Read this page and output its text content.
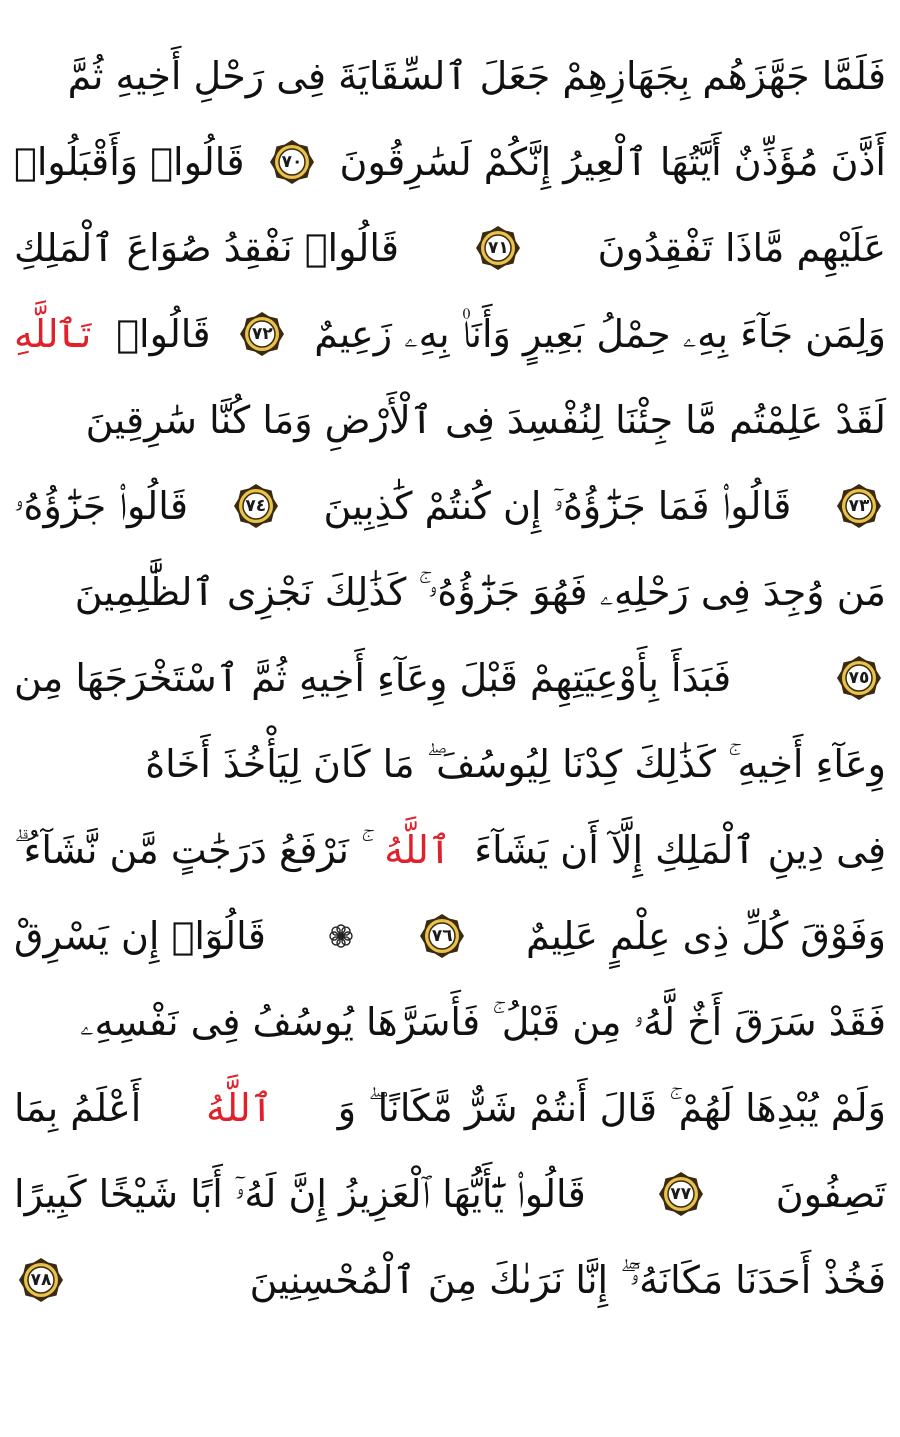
فَلَمَّا جَهَّزَهُم بِجَهَازِهِمْ جَعَلَ ٱلسِّقَايَةَ فِى رَحْلِ أَخِيهِ ثُمَّ
أَذَّنَ مُؤَذِّنٌ أَيَّتُهَا ٱلْعِيرُ إِنَّكُمْ لَسَٰرِقُونَ
٧٠
قَالُوا۟ وَأَقْبَلُوا۟
عَلَيْهِم مَّاذَا تَفْقِدُونَ
٧١
قَالُوا۟ نَفْقِدُ صُوَاعَ ٱلْمَلِكِ
وَلِمَن جَآءَ بِهِۦ حِمْلُ بَعِيرٍ وَأَنَا۠ بِهِۦ زَعِيمٌ
٧٢
قَالُوا۟
تَٱللَّهِ
لَقَدْ عَلِمْتُم مَّا جِئْنَا لِنُفْسِدَ فِى ٱلْأَرْضِ وَمَا كُنَّا سَٰرِقِينَ
٧٣
قَالُوا۟ فَمَا جَزَٰٓؤُهُۥٓ إِن كُنتُمْ كَٰذِبِينَ
٧٤
قَالُوا۟ جَزَٰٓؤُهُۥ
مَن وُجِدَ فِى رَحْلِهِۦ فَهُوَ جَزَٰٓؤُهُۥ ۚ كَذَٰلِكَ نَجْزِى ٱلظَّٰلِمِينَ
٧٥
فَبَدَأَ بِأَوْعِيَتِهِمْ قَبْلَ وِعَآءِ أَخِيهِ ثُمَّ ٱسْتَخْرَجَهَا مِن
وِعَآءِ أَخِيهِ ۚ كَذَٰلِكَ كِدْنَا لِيُوسُفَ ۖ مَا كَانَ لِيَأْخُذَ أَخَاهُ
فِى دِينِ ٱلْمَلِكِ إِلَّآ أَن يَشَآءَ
ٱللَّهُ
ۚ نَرْفَعُ دَرَجَٰتٍ مَّن نَّشَآءُ ۗ
وَفَوْقَ كُلِّ ذِى عِلْمٍ عَلِيمٌ
٧٦
قَالُوٓا۟ إِن يَسْرِقْ
فَقَدْ سَرَقَ أَخٌ لَّهُۥ مِن قَبْلُ ۚ فَأَسَرَّهَا يُوسُفُ فِى نَفْسِهِۦ
وَلَمْ يُبْدِهَا لَهُمْ ۚ قَالَ أَنتُمْ شَرٌّ مَّكَانًا ۖ وَ
ٱللَّهُ
أَعْلَمُ بِمَا
تَصِفُونَ
٧٧
قَالُوا۟ يَٰٓأَيُّهَا ٱلْعَزِيزُ إِنَّ لَهُۥٓ أَبًا شَيْخًا كَبِيرًا
فَخُذْ أَحَدَنَا مَكَانَهُۥٓ ۖ إِنَّا نَرَىٰكَ مِنَ ٱلْمُحْسِنِينَ
٧٨
